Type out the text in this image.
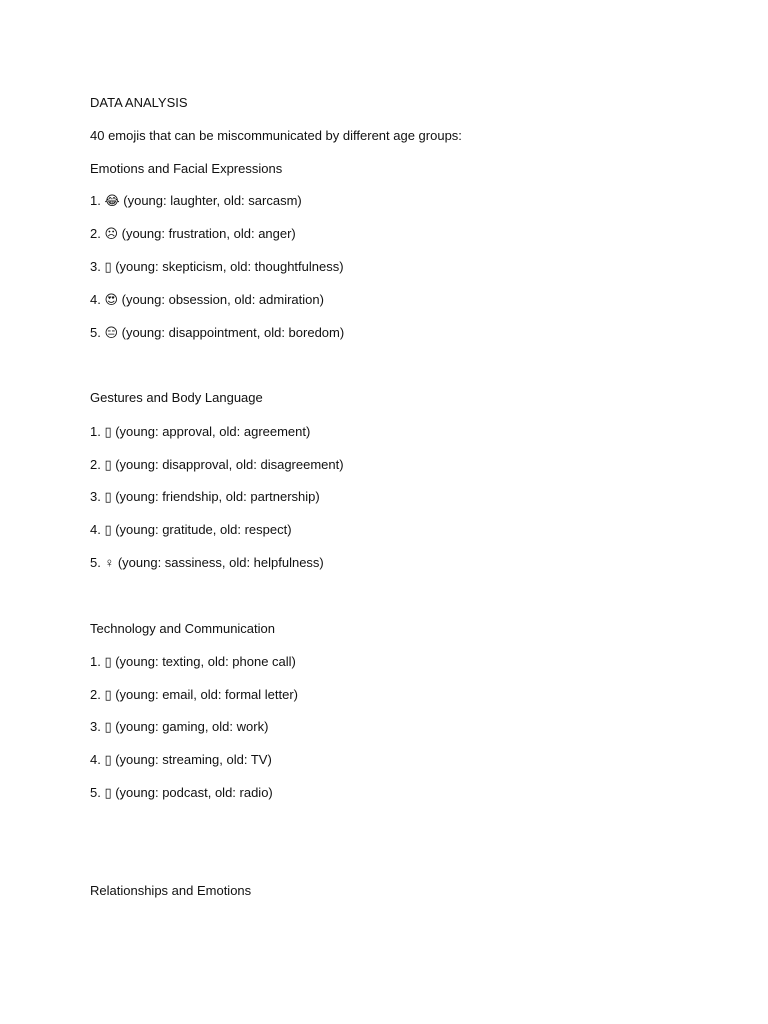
DATA ANALYSIS
40 emojis that can be miscommunicated by different age groups:
Emotions and Facial Expressions
1. 😂 (young: laughter, old: sarcasm)
2. ☹ (young: frustration, old: anger)
3. ▯ (young: skepticism, old: thoughtfulness)
4. 😍 (young: obsession, old: admiration)
5. 😑 (young: disappointment, old: boredom)
Gestures and Body Language
1. ▯ (young: approval, old: agreement)
2. ▯ (young: disapproval, old: disagreement)
3. ▯ (young: friendship, old: partnership)
4. ▯ (young: gratitude, old: respect)
5. ♀ (young: sassiness, old: helpfulness)
Technology and Communication
1. ▯ (young: texting, old: phone call)
2. ▯ (young: email, old: formal letter)
3. ▯ (young: gaming, old: work)
4. ▯ (young: streaming, old: TV)
5. ▯ (young: podcast, old: radio)
Relationships and Emotions
